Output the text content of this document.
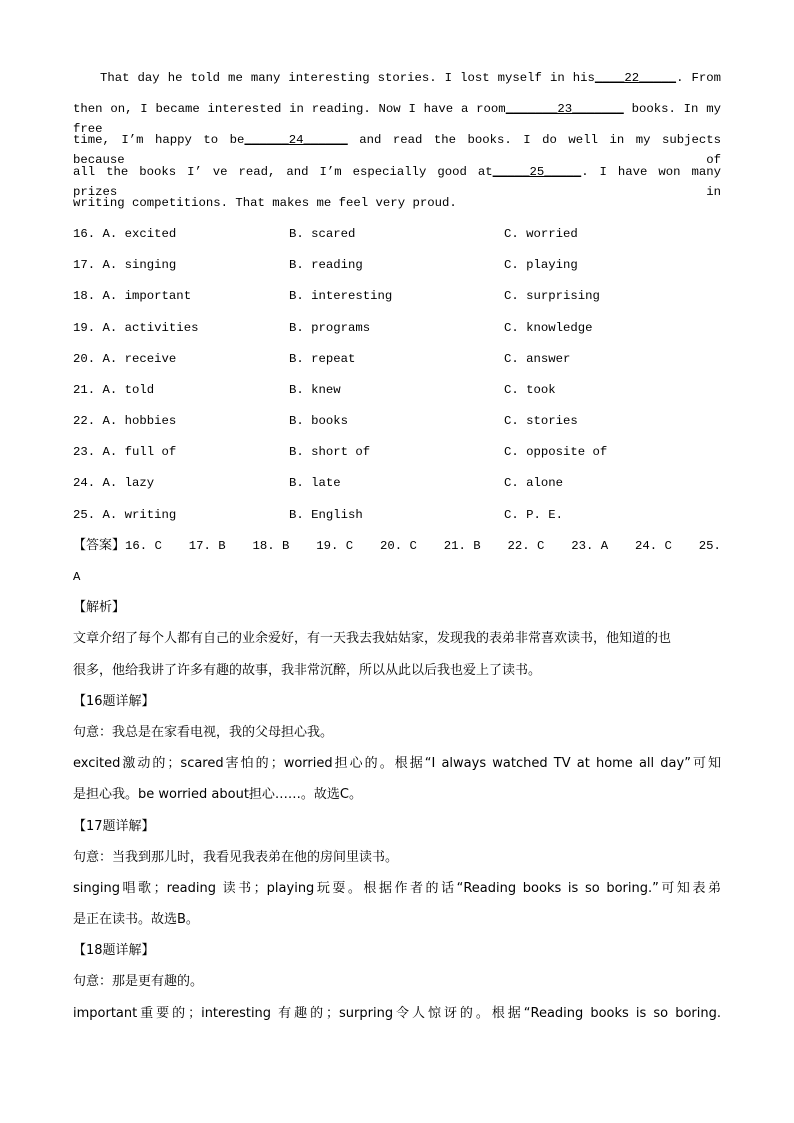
That day he told me many interesting stories. I lost myself in his____22_____. From
then on, I became interested in reading. Now I have a room_______23_______ books. In my free
time, I’m happy to be______24______ and read the books. I do well in my subjects because of
all the books I’ ve read, and I’m especially good at_____25_____. I have won many prizes in
writing competitions. That makes me feel very proud.
16. A. excited	B. scared	C. worried
17. A. singing	B. reading	C. playing
18. A. important	B. interesting	C. surprising
19. A. activities	B. programs	C. knowledge
20. A. receive	B. repeat	C. answer
21. A. told	B. knew	C. took
22. A. hobbies	B. books	C. stories
23. A. full of	B. short of	C. opposite of
24. A. lazy	B. late	C. alone
25. A. writing	B. English	C. P. E.
【答案】 16. C 17. B 18. B 19. C 20. C 21. B 22. C 23. A 24. C 25.
A
【解析】
文章介绍了每个人都有自己的业余爱好，有一天我去我姑姑家，发现我的表弟非常喜欢读书，他知道的也
很多，他给我讲了许多有趣的故事，我非常沉醉，所以从此以后我也爱上了读书。
【16题详解】
句意：我总是在家看电视，我的父母担心我。
excited激动的；scared害怕的；worried担心的。根据“I always watched TV at home all day”可知
是担心我。be worried about担心……。故选C。
【17题详解】
句意：当我到那儿时，我看见我表弟在他的房间里读书。
singing唱歌；reading 读书；playing玩耍。根据作者的话“Reading books is so boring.”可知表弟
是正在读书。故选B。
【18题详解】
句意：那是更有趣的。
important重要的；interesting 有趣的；surpring令人惊讶的。根据“Reading books is so boring.
